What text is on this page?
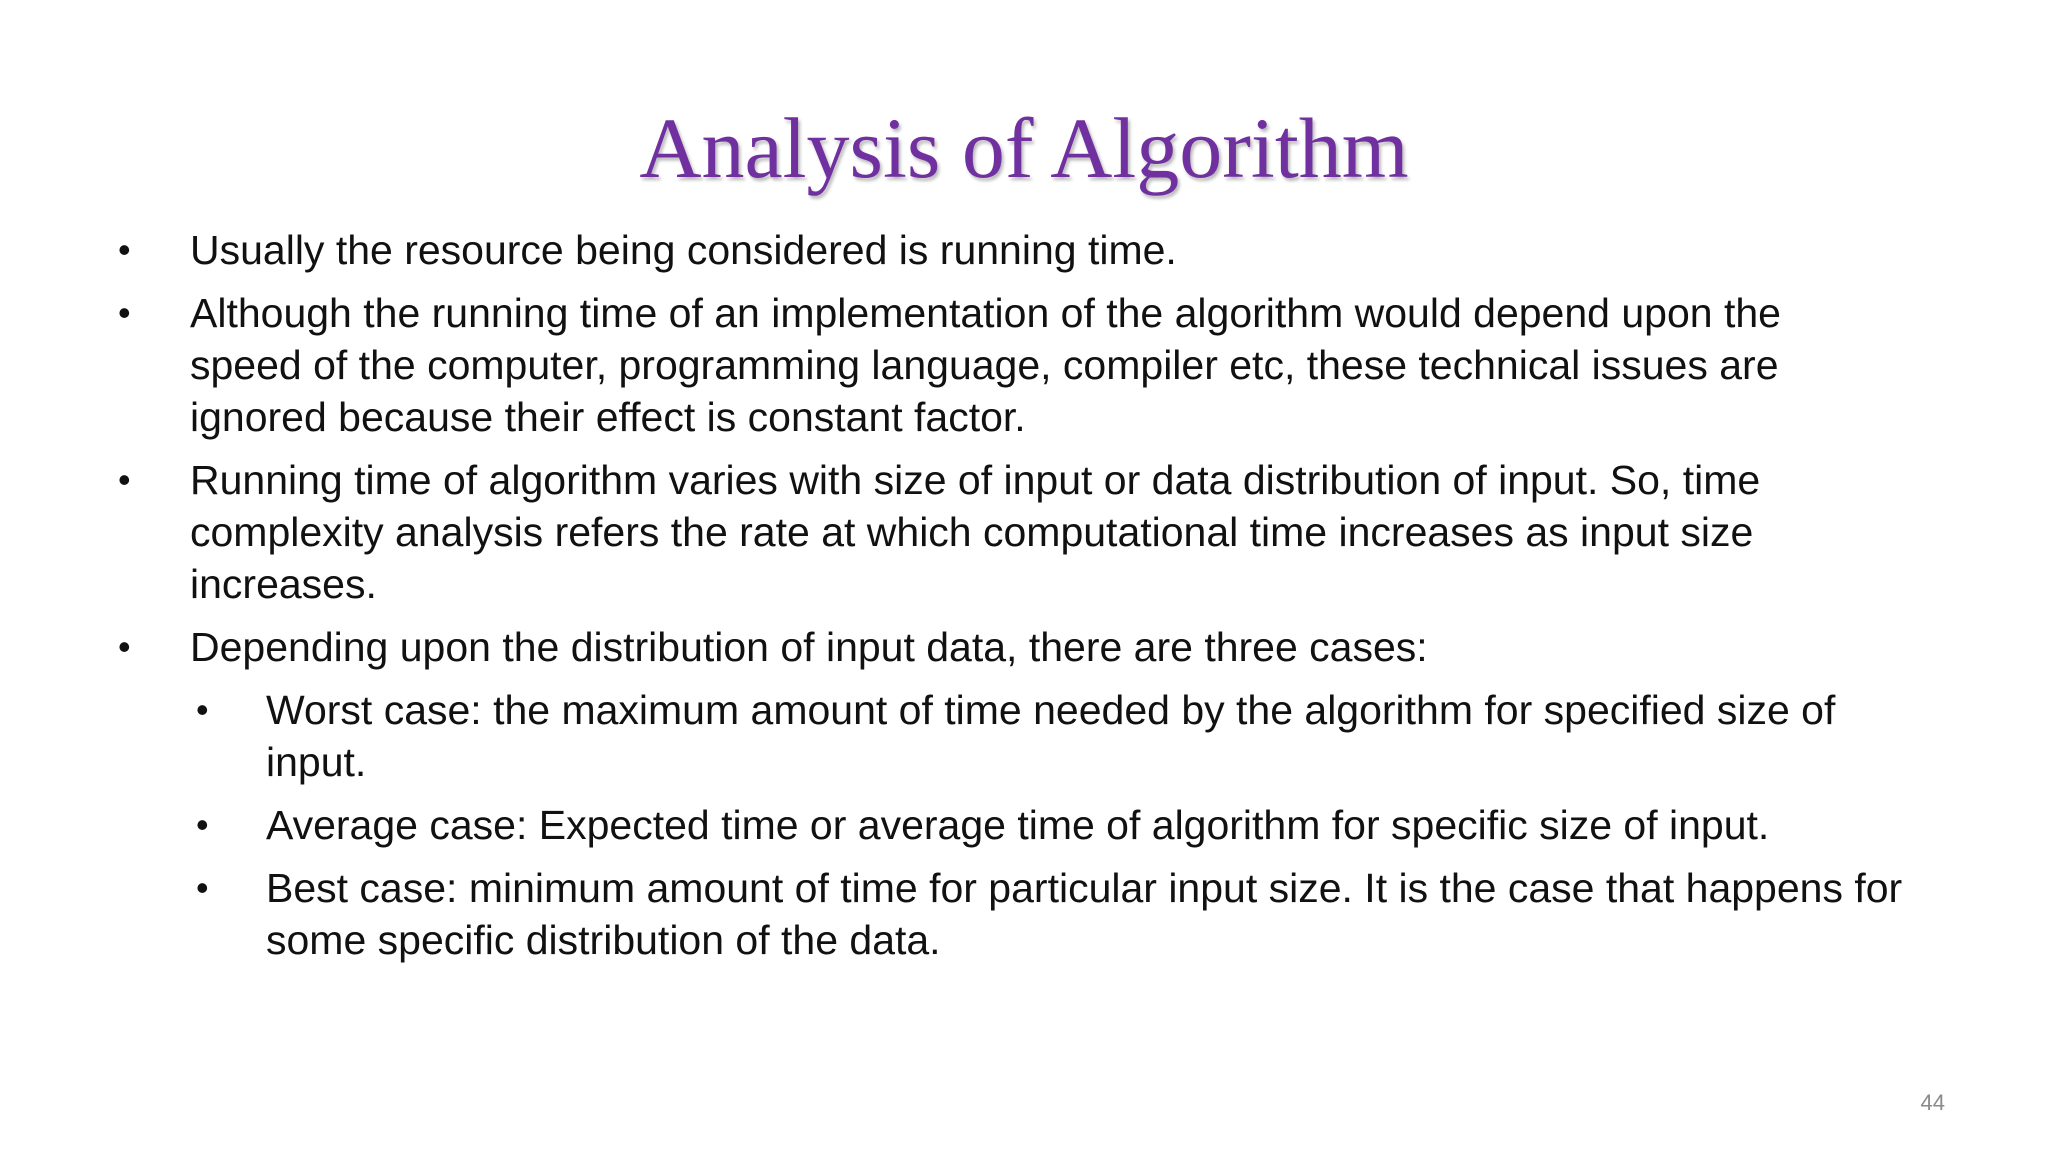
Analysis of Algorithm
• Usually the resource being considered is running time.
• Although the running time of an implementation of the algorithm would depend upon the speed of the computer, programming language, compiler etc, these technical issues are ignored because their effect is constant factor.
• Running time of algorithm varies with size of input or data distribution of input. So, time complexity analysis refers the rate at which computational time increases as input size increases.
• Depending upon the distribution of input data, there are three cases:
• Worst case: the maximum amount of time needed by the algorithm for specified size of input.
• Average case: Expected time or average time of algorithm for specific size of input.
• Best case: minimum amount of time for particular input size. It is the case that happens for some specific distribution of the data.
44
